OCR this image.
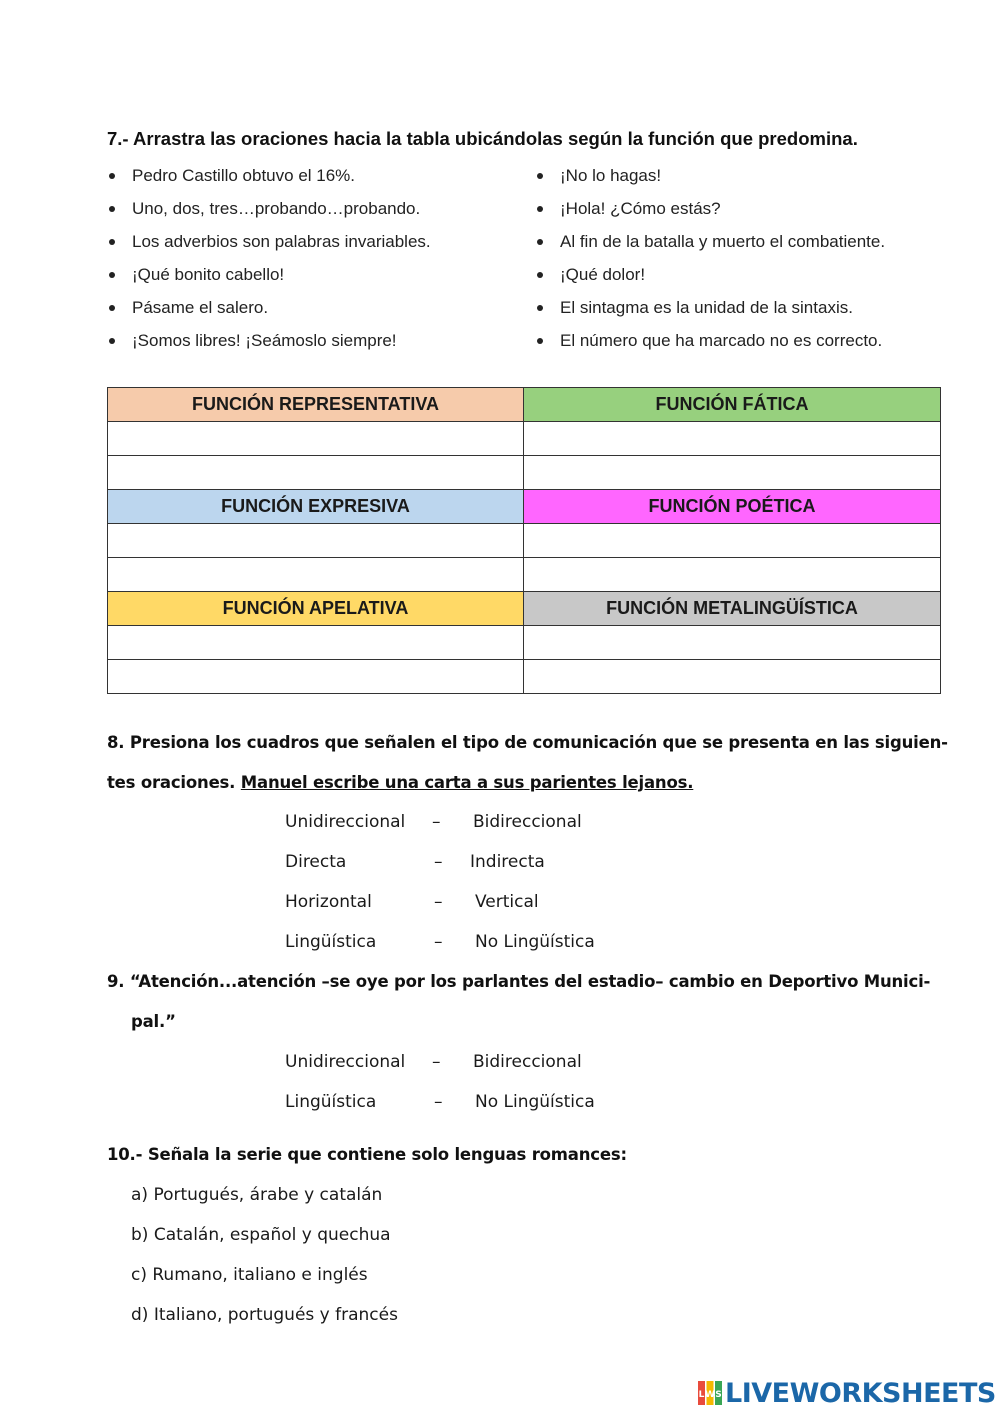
7.- Arrastra las oraciones hacia la tabla ubicándolas según la función que predomina.
Pedro Castillo obtuvo el 16%.
Uno, dos, tres…probando…probando.
Los adverbios son palabras invariables.
¡Qué bonito cabello!
Pásame el salero.
¡Somos libres! ¡Seámoslo siempre!
¡No lo hagas!
¡Hola! ¿Cómo estás?
Al fin de la batalla y muerto el combatiente.
¡Qué dolor!
El sintagma es la unidad de la sintaxis.
El número que ha marcado no es correcto.
FUNCIÓN REPRESENTATIVA	FUNCIÓN FÁTICA

FUNCIÓN EXPRESIVA	FUNCIÓN POÉTICA

FUNCIÓN APELATIVA	FUNCIÓN METALINGÜÍSTICA

8. Presiona los cuadros que señalen el tipo de comunicación que se presenta en las siguien-
tes oraciones. Manuel escribe una carta a sus parientes lejanos.
Unidireccional – Bidireccional
Directa	– Indirecta
Horizontal	– Vertical
Lingüística	– No Lingüística
9. “Atención...atención –se oye por los parlantes del estadio– cambio en Deportivo Munici-
pal.”
Unidireccional – Bidireccional
Lingüística	– No Lingüística
10.- Señala la serie que contiene solo lenguas romances:
a) Portugués, árabe y catalán
b) Catalán, español y quechua
c) Rumano, italiano e inglés
d) Italiano, portugués y francés
L W S LIVEWORKSHEETS
